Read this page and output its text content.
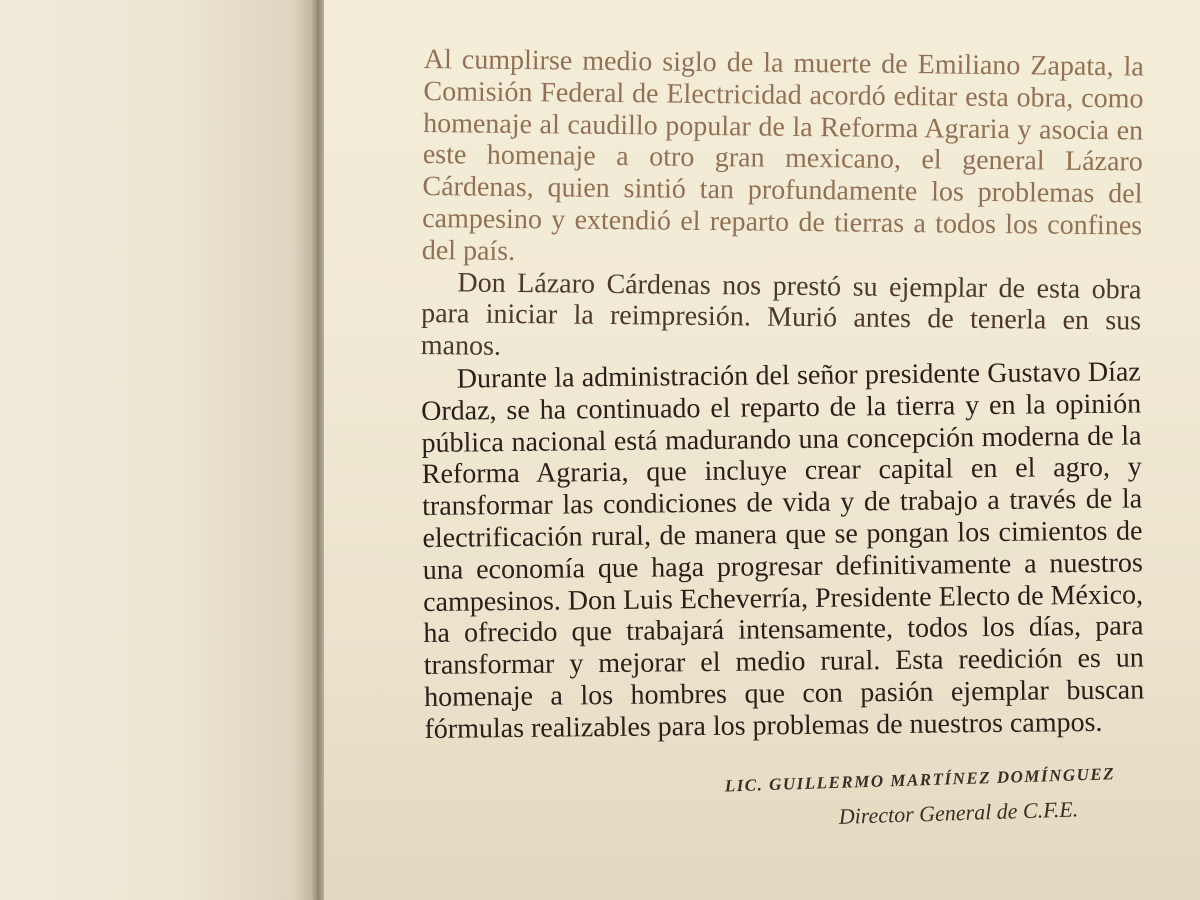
Al cumplirse medio siglo de la muerte de Emiliano Zapata, la Comisión Federal de Electricidad acordó editar esta obra, como homenaje al caudillo popular de la Reforma Agraria y asocia en este homenaje a otro gran mexicano, el general Lázaro Cárdenas, quien sintió tan profundamente los problemas del campesino y extendió el reparto de tierras a todos los confines del país.

Don Lázaro Cárdenas nos prestó su ejemplar de esta obra para iniciar la reimpresión. Murió antes de tenerla en sus manos.

Durante la administración del señor presidente Gustavo Díaz Ordaz, se ha continuado el reparto de la tierra y en la opinión pública nacional está madurando una concepción moderna de la Reforma Agraria, que incluye crear capital en el agro, y transformar las condiciones de vida y de trabajo a través de la electrificación rural, de manera que se pongan los cimientos de una economía que haga progresar definitivamente a nuestros campesinos. Don Luis Echeverría, Presidente Electo de México, ha ofrecido que trabajará intensamente, todos los días, para transformar y mejorar el medio rural. Esta reedición es un homenaje a los hombres que con pasión ejemplar buscan fórmulas realizables para los problemas de nuestros campos.

LIC. GUILLERMO MARTÍNEZ DOMÍNGUEZ
Director General de C.F.E.
